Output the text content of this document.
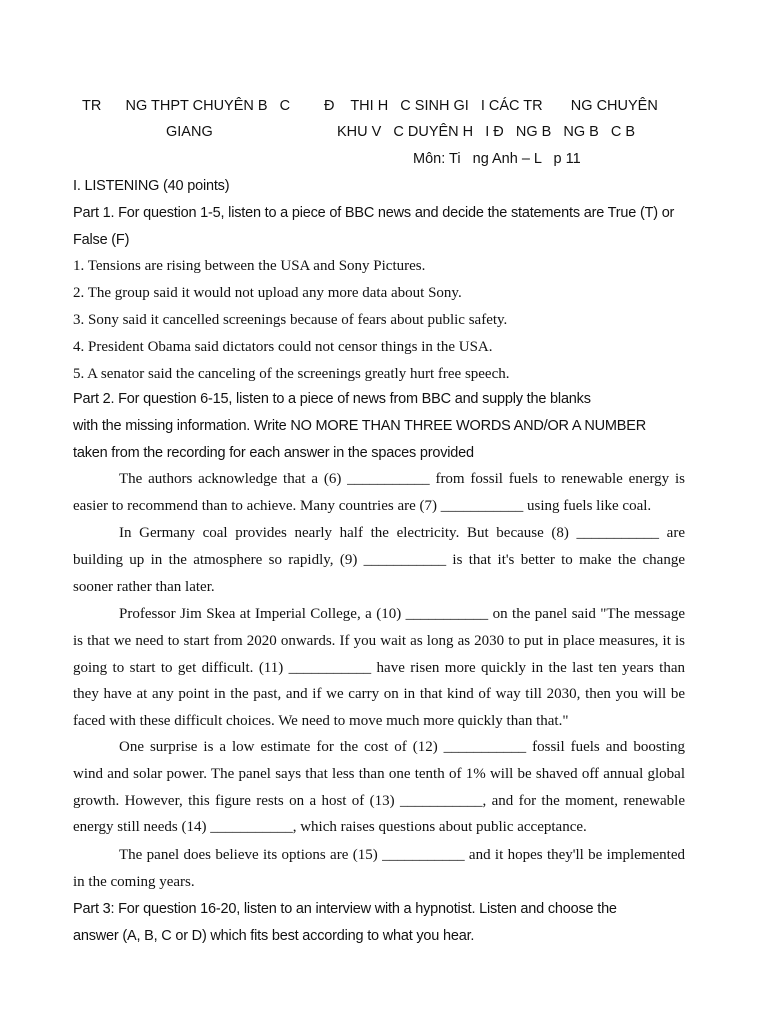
TR      NG THPT CHUYÊN B   C
GIANG
Đ    THI H   C SINH GI   I CÁC TR       NG CHUYÊN
KHU V   C DUYÊN H   I Đ   NG B   NG B   C B
Môn: Ti   ng Anh – L   p 11
I. LISTENING (40 points)
Part 1. For question 1-5, listen to a piece of BBC news and decide the statements are True (T) or
False (F)
1. Tensions are rising between the USA and Sony Pictures.
2. The group said it would not upload any more data about Sony.
3. Sony said it cancelled screenings because of fears about public safety.
4. President Obama said dictators could not censor things in the USA.
5. A senator said the canceling of the screenings greatly hurt free speech.
Part 2. For question 6-15, listen to a piece of news from BBC and supply the blanks
with the missing information. Write NO MORE THAN THREE WORDS AND/OR A NUMBER
taken from the recording for each answer in the spaces provided

The authors acknowledge that a (6) ___________ from fossil fuels to renewable energy is easier to recommend than to achieve. Many countries are (7) ___________ using fuels like coal.

In Germany coal provides nearly half the electricity. But because (8) ___________ are building up in the atmosphere so rapidly, (9) ___________ is that it's better to make the change sooner rather than later.

Professor Jim Skea at Imperial College, a (10) ___________ on the panel said "The message is that we need to start from 2020 onwards. If you wait as long as 2030 to put in place measures, it is going to start to get difficult. (11) ___________ have risen more quickly in the last ten years than they have at any point in the past, and if we carry on in that kind of way till 2030, then you will be faced with these difficult choices. We need to move much more quickly than that."

One surprise is a low estimate for the cost of (12) ___________ fossil fuels and boosting wind and solar power. The panel says that less than one tenth of 1% will be shaved off annual global growth. However, this figure rests on a host of (13) ___________, and for the moment, renewable energy still needs (14) ___________, which raises questions about public acceptance.

The panel does believe its options are (15) ___________ and it hopes they'll be implemented in the coming years.

Part 3: For question 16-20, listen to an interview with a hypnotist. Listen and choose the
answer (A, B, C or D) which fits best according to what you hear.
